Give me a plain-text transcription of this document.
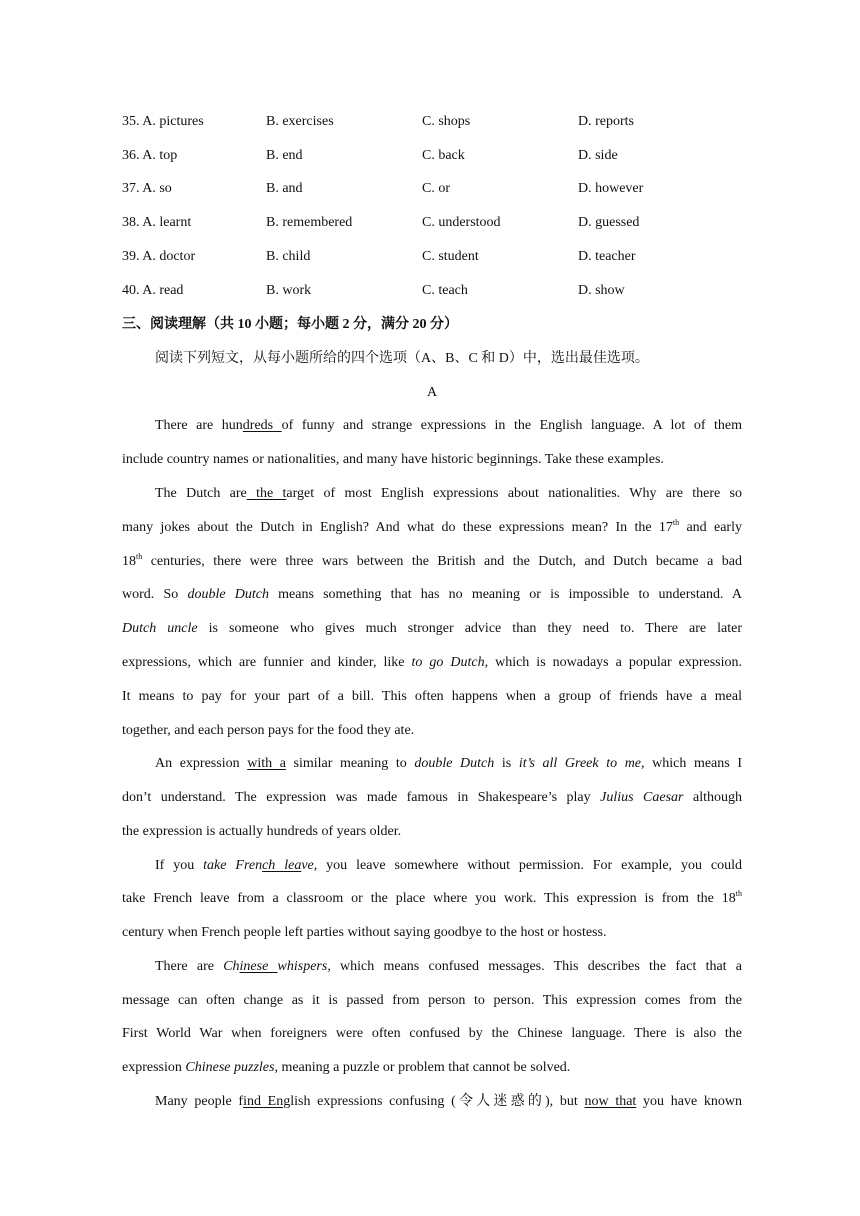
35. A. pictures	B. exercises	C. shops	D. reports
36. A. top	B. end	C. back	D. side
37. A. so	B. and	C. or	D. however
38. A. learnt	B. remembered	C. understood	D. guessed
39. A. doctor	B. child	C. student	D. teacher
40. A. read	B. work	C. teach	D. show
三、阅读理解（共 10 小题；每小题 2 分，满分 20 分）
阅读下列短文，从每小题所给的四个选项（A、B、C 和 D）中，选出最佳选项。
A
There are hundreds of funny and strange expressions in the English language. A lot of them
include country names or nationalities, and many have historic beginnings. Take these examples.
The Dutch are the target of most English expressions about nationalities. Why are there so
many jokes about the Dutch in English? And what do these expressions mean? In the 17th and early
18th centuries, there were three wars between the British and the Dutch, and Dutch became a bad
word. So double Dutch means something that has no meaning or is impossible to understand. A
Dutch uncle is someone who gives much stronger advice than they need to. There are later
expressions, which are funnier and kinder, like to go Dutch, which is nowadays a popular expression.
It means to pay for your part of a bill. This often happens when a group of friends have a meal
together, and each person pays for the food they ate.
An expression with a similar meaning to double Dutch is it’s all Greek to me, which means I
don’t understand. The expression was made famous in Shakespeare’s play Julius Caesar although
the expression is actually hundreds of years older.
If you take French leave, you leave somewhere without permission. For example, you could
take French leave from a classroom or the place where you work. This expression is from the 18th
century when French people left parties without saying goodbye to the host or hostess.
There are Chinese whispers, which means confused messages. This describes the fact that a
message can often change as it is passed from person to person. This expression comes from the
First World War when foreigners were often confused by the Chinese language. There is also the
expression Chinese puzzles, meaning a puzzle or problem that cannot be solved.
Many people find English expressions confusing (令人迷惑的), but now that you have known
